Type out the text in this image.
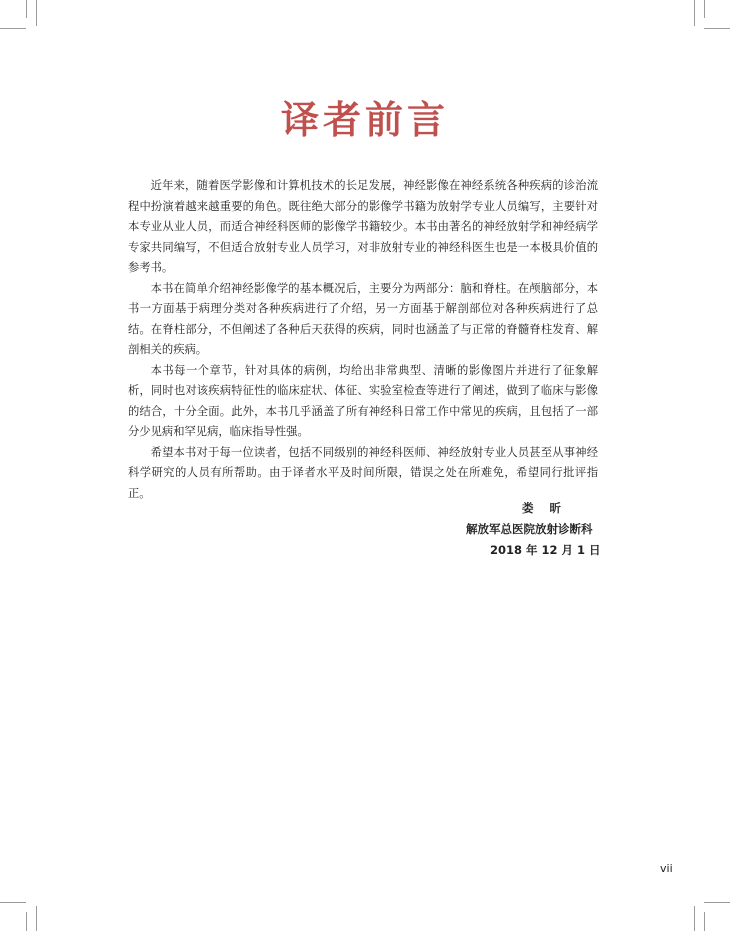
译者前言

近年来，随着医学影像和计算机技术的长足发展，神经影像在神经系统各种疾病的诊治流程中扮演着越来越重要的角色。既往绝大部分的影像学书籍为放射学专业人员编写，主要针对本专业从业人员，而适合神经科医师的影像学书籍较少。本书由著名的神经放射学和神经病学专家共同编写，不但适合放射专业人员学习，对非放射专业的神经科医生也是一本极具价值的参考书。

本书在简单介绍神经影像学的基本概况后，主要分为两部分：脑和脊柱。在颅脑部分，本书一方面基于病理分类对各种疾病进行了介绍，另一方面基于解剖部位对各种疾病进行了总结。在脊柱部分，不但阐述了各种后天获得的疾病，同时也涵盖了与正常的脊髓脊柱发育、解剖相关的疾病。

本书每一个章节，针对具体的病例，均给出非常典型、清晰的影像图片并进行了征象解析，同时也对该疾病特征性的临床症状、体征、实验室检查等进行了阐述，做到了临床与影像的结合，十分全面。此外，本书几乎涵盖了所有神经科日常工作中常见的疾病，且包括了一部分少见病和罕见病，临床指导性强。

希望本书对于每一位读者，包括不同级别的神经科医师、神经放射专业人员甚至从事神经科学研究的人员有所帮助。由于译者水平及时间所限，错误之处在所难免，希望同行批评指正。

娄 昕
解放军总医院放射诊断科
2018 年 12 月 1 日
vii
